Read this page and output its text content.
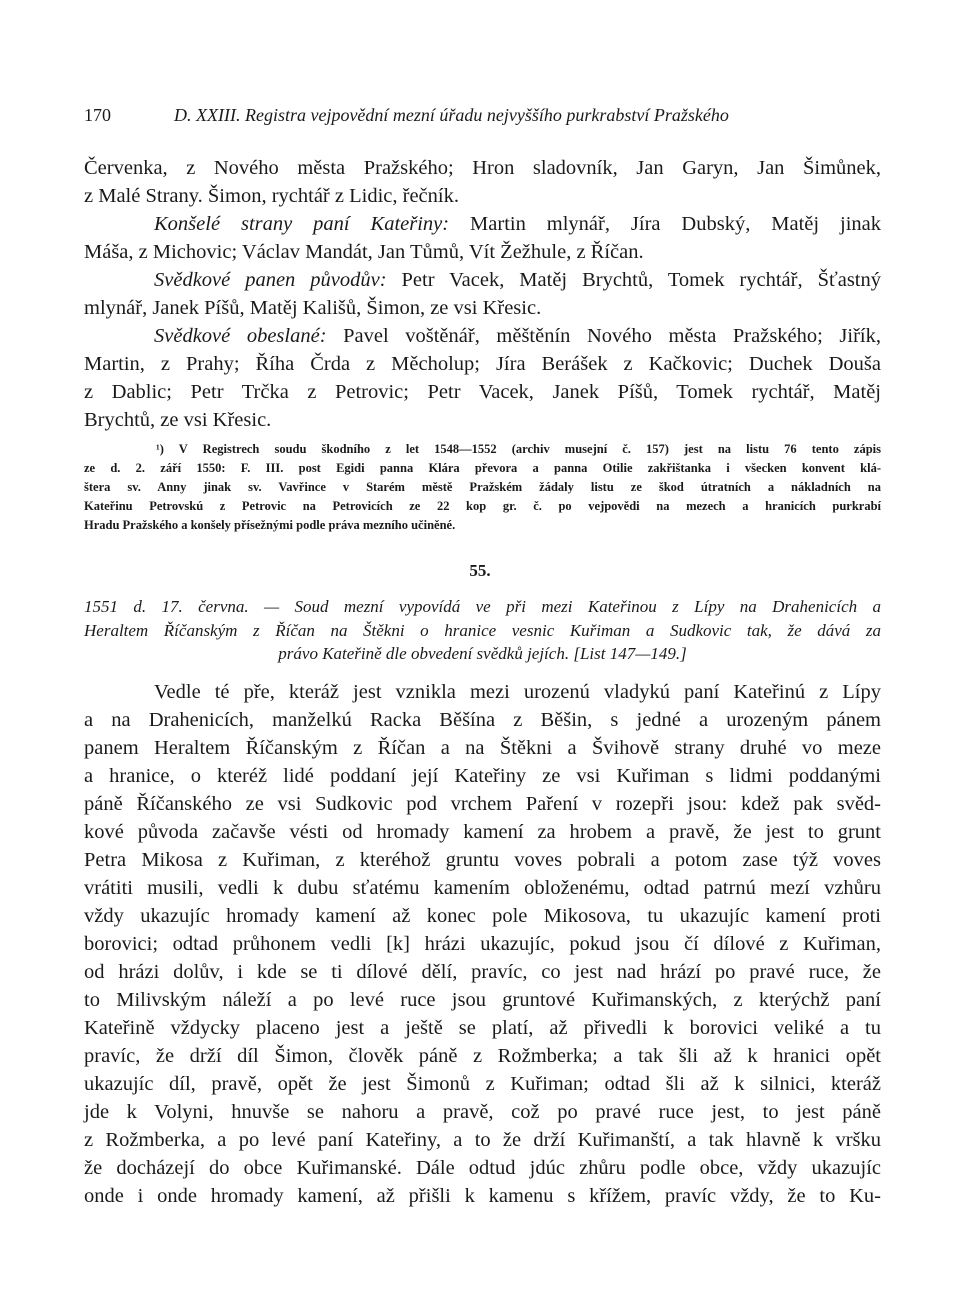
170	D. XXIII. Registra vejpovědní mezní úřadu nejvyššího purkrabství Pražského
Červenka, z Nového města Pražského; Hron sladovník, Jan Garyn, Jan Šimůnek,
z Malé Strany. Šimon, rychtář z Lidic, řečník.
Konšelé strany paní Kateřiny: Martin mlynář, Jíra Dubský, Matěj jinak
Máša, z Michovic; Václav Mandát, Jan Tůmů, Vít Žežhule, z Říčan.
Svědkové panen původův: Petr Vacek, Matěj Brychtů, Tomek rychtář, Šťastný
mlynář, Janek Píšů, Matěj Kališů, Šimon, ze vsi Křesic.
Svědkové obeslané: Pavel voštěnář, měštěnín Nového města Pražského; Jiřík,
Martin, z Prahy; Říha Črda z Měcholup; Jíra Berášek z Kačkovic; Duchek Douša
z Dablic; Petr Trčka z Petrovic; Petr Vacek, Janek Píšů, Tomek rychtář, Matěj
Brychtů, ze vsi Křesic.
¹) V Registrech soudu škodního z let 1548—1552 (archiv musejní č. 157) jest na listu 76 tento zápis
ze d. 2. září 1550: F. III. post Egidi panna Klára převora a panna Otilie zakřištanka i všecken konvent klá-
štera sv. Anny jinak sv. Vavřince v Starém městě Pražském žádaly listu ze škod útratních a nákladních na
Kateřinu Petrovskú z Petrovic na Petrovicích ze 22 kop gr. č. po vejpovědi na mezech a hranicích purkrabí
Hradu Pražského a konšely přísežnými podle práva mezního učiněné.
55.
1551 d. 17. června. — Soud mezní vypovídá ve při mezi Kateřinou z Lípy na Drahenicích a
Heraltem Říčanským z Říčan na Štěkni o hranice vesnic Kuřiman a Sudkovic tak, že dává za
právo Kateřině dle obvedení svědků jejích. [List 147—149.]
Vedle té pře, kteráž jest vznikla mezi urozenú vladykú paní Kateřinú z Lípy
a na Drahenicích, manželkú Racka Běšína z Běšin, s jedné a urozeným pánem
panem Heraltem Říčanským z Říčan a na Štěkni a Švihově strany druhé vo meze
a hranice, o kteréž lidé poddaní její Kateřiny ze vsi Kuřiman s lidmi poddanými
páně Říčanského ze vsi Sudkovic pod vrchem Paření v rozepři jsou: kdež pak svěd-
kové původa začavše vésti od hromady kamení za hrobem a pravě, že jest to grunt
Petra Mikosa z Kuřiman, z kteréhož gruntu voves pobrali a potom zase týž voves
vrátiti musili, vedli k dubu sťatému kamením obloženému, odtad patrnú mezí vzhůru
vždy ukazujíc hromady kamení až konec pole Mikosova, tu ukazujíc kamení proti
borovici; odtad průhonem vedli [k] hrázi ukazujíc, pokud jsou čí dílové z Kuřiman,
od hrázi dolův, i kde se ti dílové dělí, pravíc, co jest nad hrází po pravé ruce, že
to Milivským náleží a po levé ruce jsou gruntové Kuřimanských, z kterýchž paní
Kateřině vždycky placeno jest a ještě se platí, až přivedli k borovici veliké a tu
pravíc, že drží díl Šimon, člověk páně z Rožmberka; a tak šli až k hranici opět
ukazujíc díl, pravě, opět že jest Šimonů z Kuřiman; odtad šli až k silnici, kteráž
jde k Volyni, hnuvše se nahoru a pravě, což po pravé ruce jest, to jest páně
z Rožmberka, a po levé paní Kateřiny, a to že drží Kuřimanští, a tak hlavně k vršku
že docházejí do obce Kuřimanské. Dále odtud jdúc zhůru podle obce, vždy ukazujíc
onde i onde hromady kamení, až přišli k kamenu s křížem, pravíc vždy, že to Ku-
